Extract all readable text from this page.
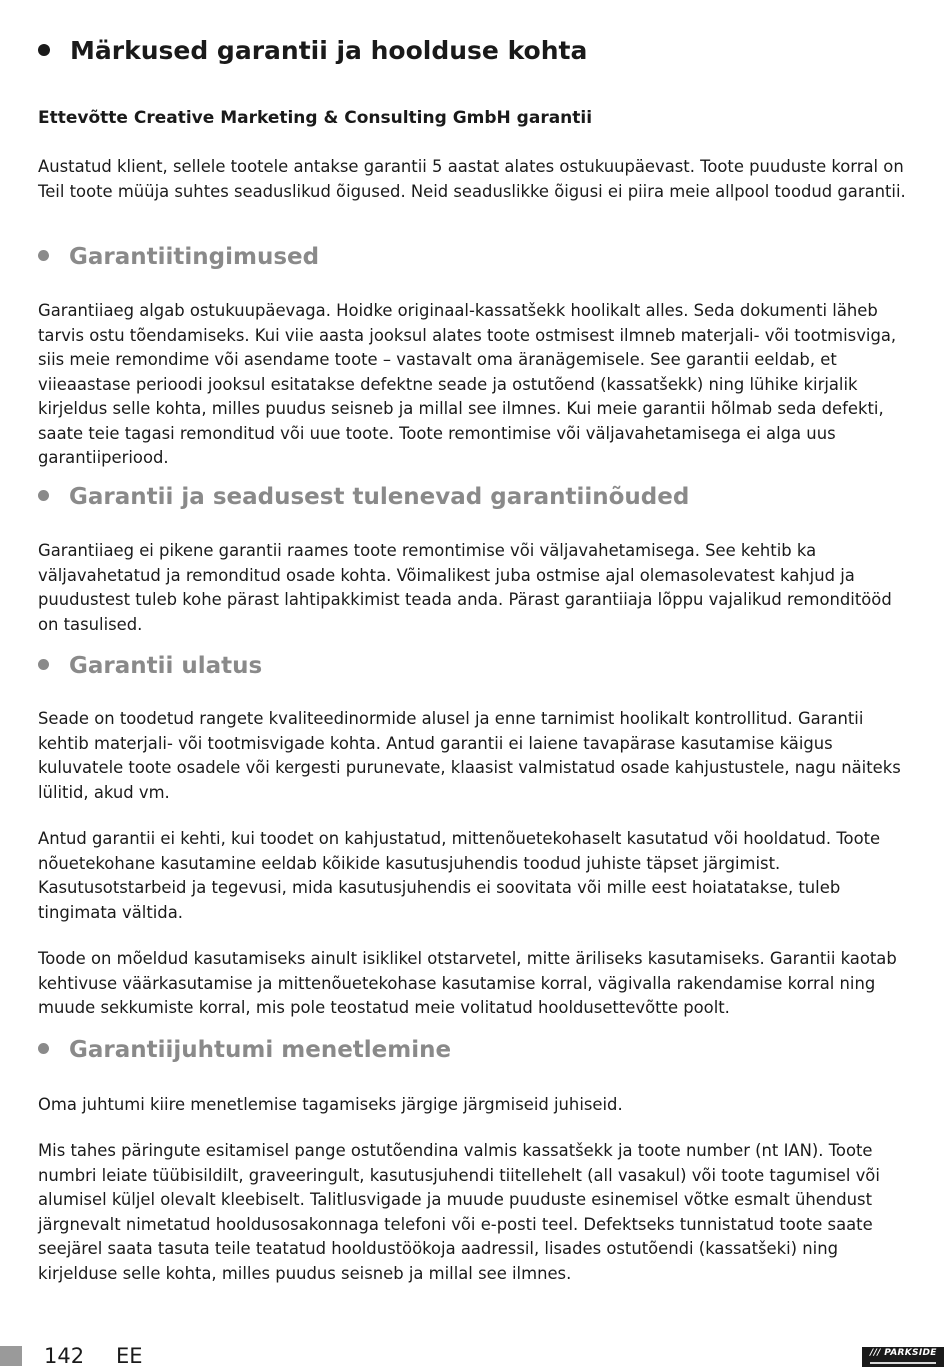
Märkused garantii ja hoolduse kohta
Ettevõtte Creative Marketing & Consulting GmbH garantii

Austatud klient, sellele tootele antakse garantii 5 aastat alates ostukuupäevast. Toote puuduste korral on Teil toote müüja suhtes seaduslikud õigused. Neid seaduslikke õigusi ei piira meie allpool toodud garantii.

Garantiitingimused

Garantiiaeg algab ostukuupäevaga. Hoidke originaal-kassatšekk hoolikalt alles. Seda dokumenti läheb tarvis ostu tõendamiseks. Kui viie aasta jooksul alates toote ostmisest ilmneb materjali- või tootmisviga, siis meie remondime või asendame toote – vastavalt oma äranägemisele. See garantii eeldab, et viieaastase perioodi jooksul esitatakse defektne seade ja ostutõend (kassatšekk) ning lühike kirjalik kirjeldus selle kohta, milles puudus seisneb ja millal see ilmnes. Kui meie garantii hõlmab seda defekti, saate teie tagasi remonditud või uue toote. Toote remontimise või väljavahetamisega ei alga uus garantiiperiood.

Garantii ja seadusest tulenevad garantiinõuded

Garantiiaeg ei pikene garantii raames toote remontimise või väljavahetamisega. See kehtib ka väljavahetatud ja remonditud osade kohta. Võimalikest juba ostmise ajal olemasolevatest kahjud ja puudustest tuleb kohe pärast lahtipakkimist teada anda. Pärast garantiiaja lõppu vajalikud remonditööd on tasulised.

Garantii ulatus

Seade on toodetud rangete kvaliteedinormide alusel ja enne tarnimist hoolikalt kontrollitud. Garantii kehtib materjali- või tootmisvigade kohta. Antud garantii ei laiene tavapärase kasutamise käigus kuluvatele toote osadele või kergesti purunevate, klaasist valmistatud osade kahjustustele, nagu näiteks lülitid, akud vm.

Antud garantii ei kehti, kui toodet on kahjustatud, mittenõuetekohaselt kasutatud või hooldatud. Toote nõuetekohane kasutamine eeldab kõikide kasutusjuhendis toodud juhiste täpset järgimist. Kasutusotstarbeid ja tegevusi, mida kasutusjuhendis ei soovitata või mille eest hoiatatakse, tuleb tingimata vältida.

Toode on mõeldud kasutamiseks ainult isiklikel otstarvetel, mitte äriliseks kasutamiseks. Garantii kaotab kehtivuse väärkasutamise ja mittenõuetekohase kasutamise korral, vägivalla rakendamise korral ning muude sekkumiste korral, mis pole teostatud meie volitatud hooldusettevõtte poolt.

Garantiijuhtumi menetlemine

Oma juhtumi kiire menetlemise tagamiseks järgige järgmiseid juhiseid.

Mis tahes päringute esitamisel pange ostutõendina valmis kassatšekk ja toote number (nt IAN). Toote numbri leiate tüübisildilt, graveeringult, kasutusjuhendi tiitellehelt (all vasakul) või toote tagumisel või alumisel küljel olevalt kleebiselt. Talitlusvigade ja muude puuduste esinemisel võtke esmalt ühendust järgnevalt nimetatud hooldusosakonnaga telefoni või e-posti teel. Defektseks tunnistatud toote saate seejärel saata tasuta teile teatatud hooldustöökoja aadressil, lisades ostutõendi (kassatšeki) ning kirjelduse selle kohta, milles puudus seisneb ja millal see ilmnes.

142 EE	/// PARKSIDE
